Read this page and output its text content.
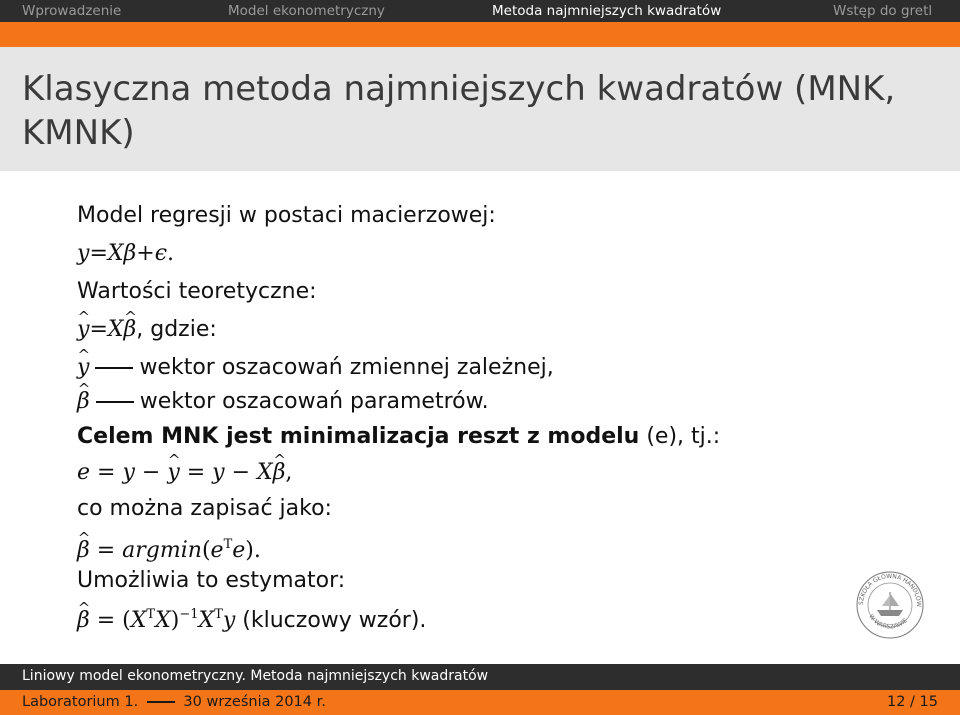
Wprowadzenie	Model ekonometryczny	Metoda najmniejszych kwadratów	Wstęp do gretl
Klasyczna metoda najmniejszych kwadratów (MNK, KMNK)
Model regresji w postaci macierzowej:
y=Xβ+ϵ.
Wartości teoretyczne:
^ y=X^ β, gdzie:
^ y wektor oszacowań zmiennej zależnej,
^ β wektor oszacowań parametrów.
Celem MNK jest minimalizacja reszt z modelu (e), tj.:
e = y − ^ y = y − X^ β,
co można zapisać jako:
^ $\beta = argmin(e^Te)$.
Umożliwia to estymator:
^ $\beta = (X^TX)^{-1}X^Ty$ (kluczowy wzór).
SZKOŁA GŁÓWNA HANDLOW
W WARSZAWIE
Liniowy model ekonometryczny. Metoda najmniejszych kwadratów
Laboratorium 1.	30 września 2014 r.	12 / 15
